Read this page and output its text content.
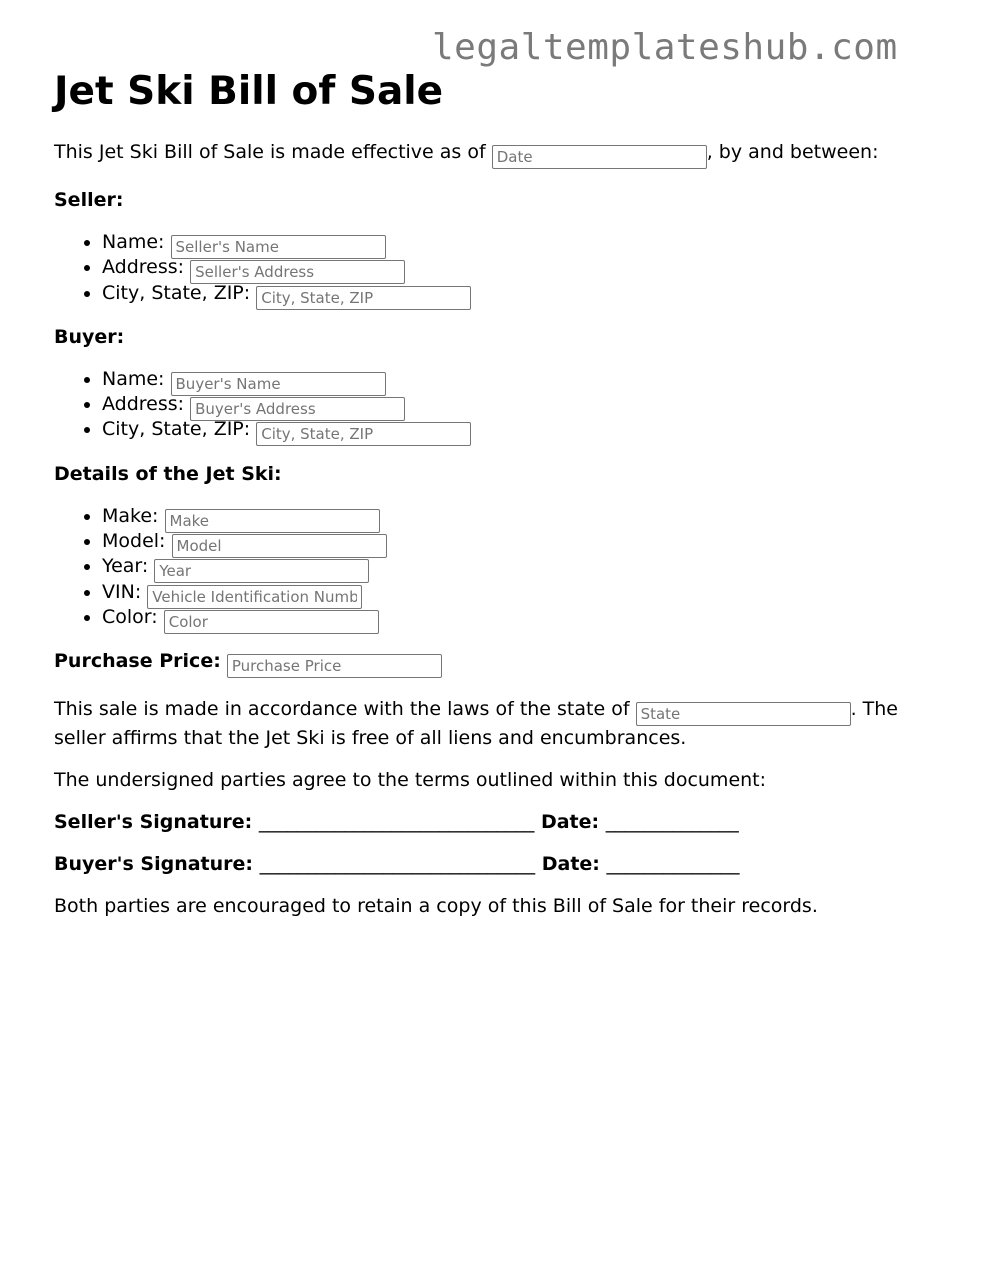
legaltemplateshub.com
Jet Ski Bill of Sale

This Jet Ski Bill of Sale is made effective as of Date	, by and between:

Seller:

• Name: Seller's Name
• Address: Seller's Address
• City, State, ZIP: City, State, ZIP

Buyer:

• Name: Buyer's Name
• Address: Buyer's Address
• City, State, ZIP: City, State, ZIP

Details of the Jet Ski:

• Make: Make
• Model: Model
• Year: Year
• VIN: Vehicle Identification Number
• Color: Color

Purchase Price: Purchase Price

This sale is made in accordance with the laws of the state of State	. The seller affirms that the Jet Ski is free of all liens and encumbrances.

The undersigned parties agree to the terms outlined within this document:

Seller's Signature: _____________________________ Date: ______________

Buyer's Signature: _____________________________ Date: ______________

Both parties are encouraged to retain a copy of this Bill of Sale for their records.
